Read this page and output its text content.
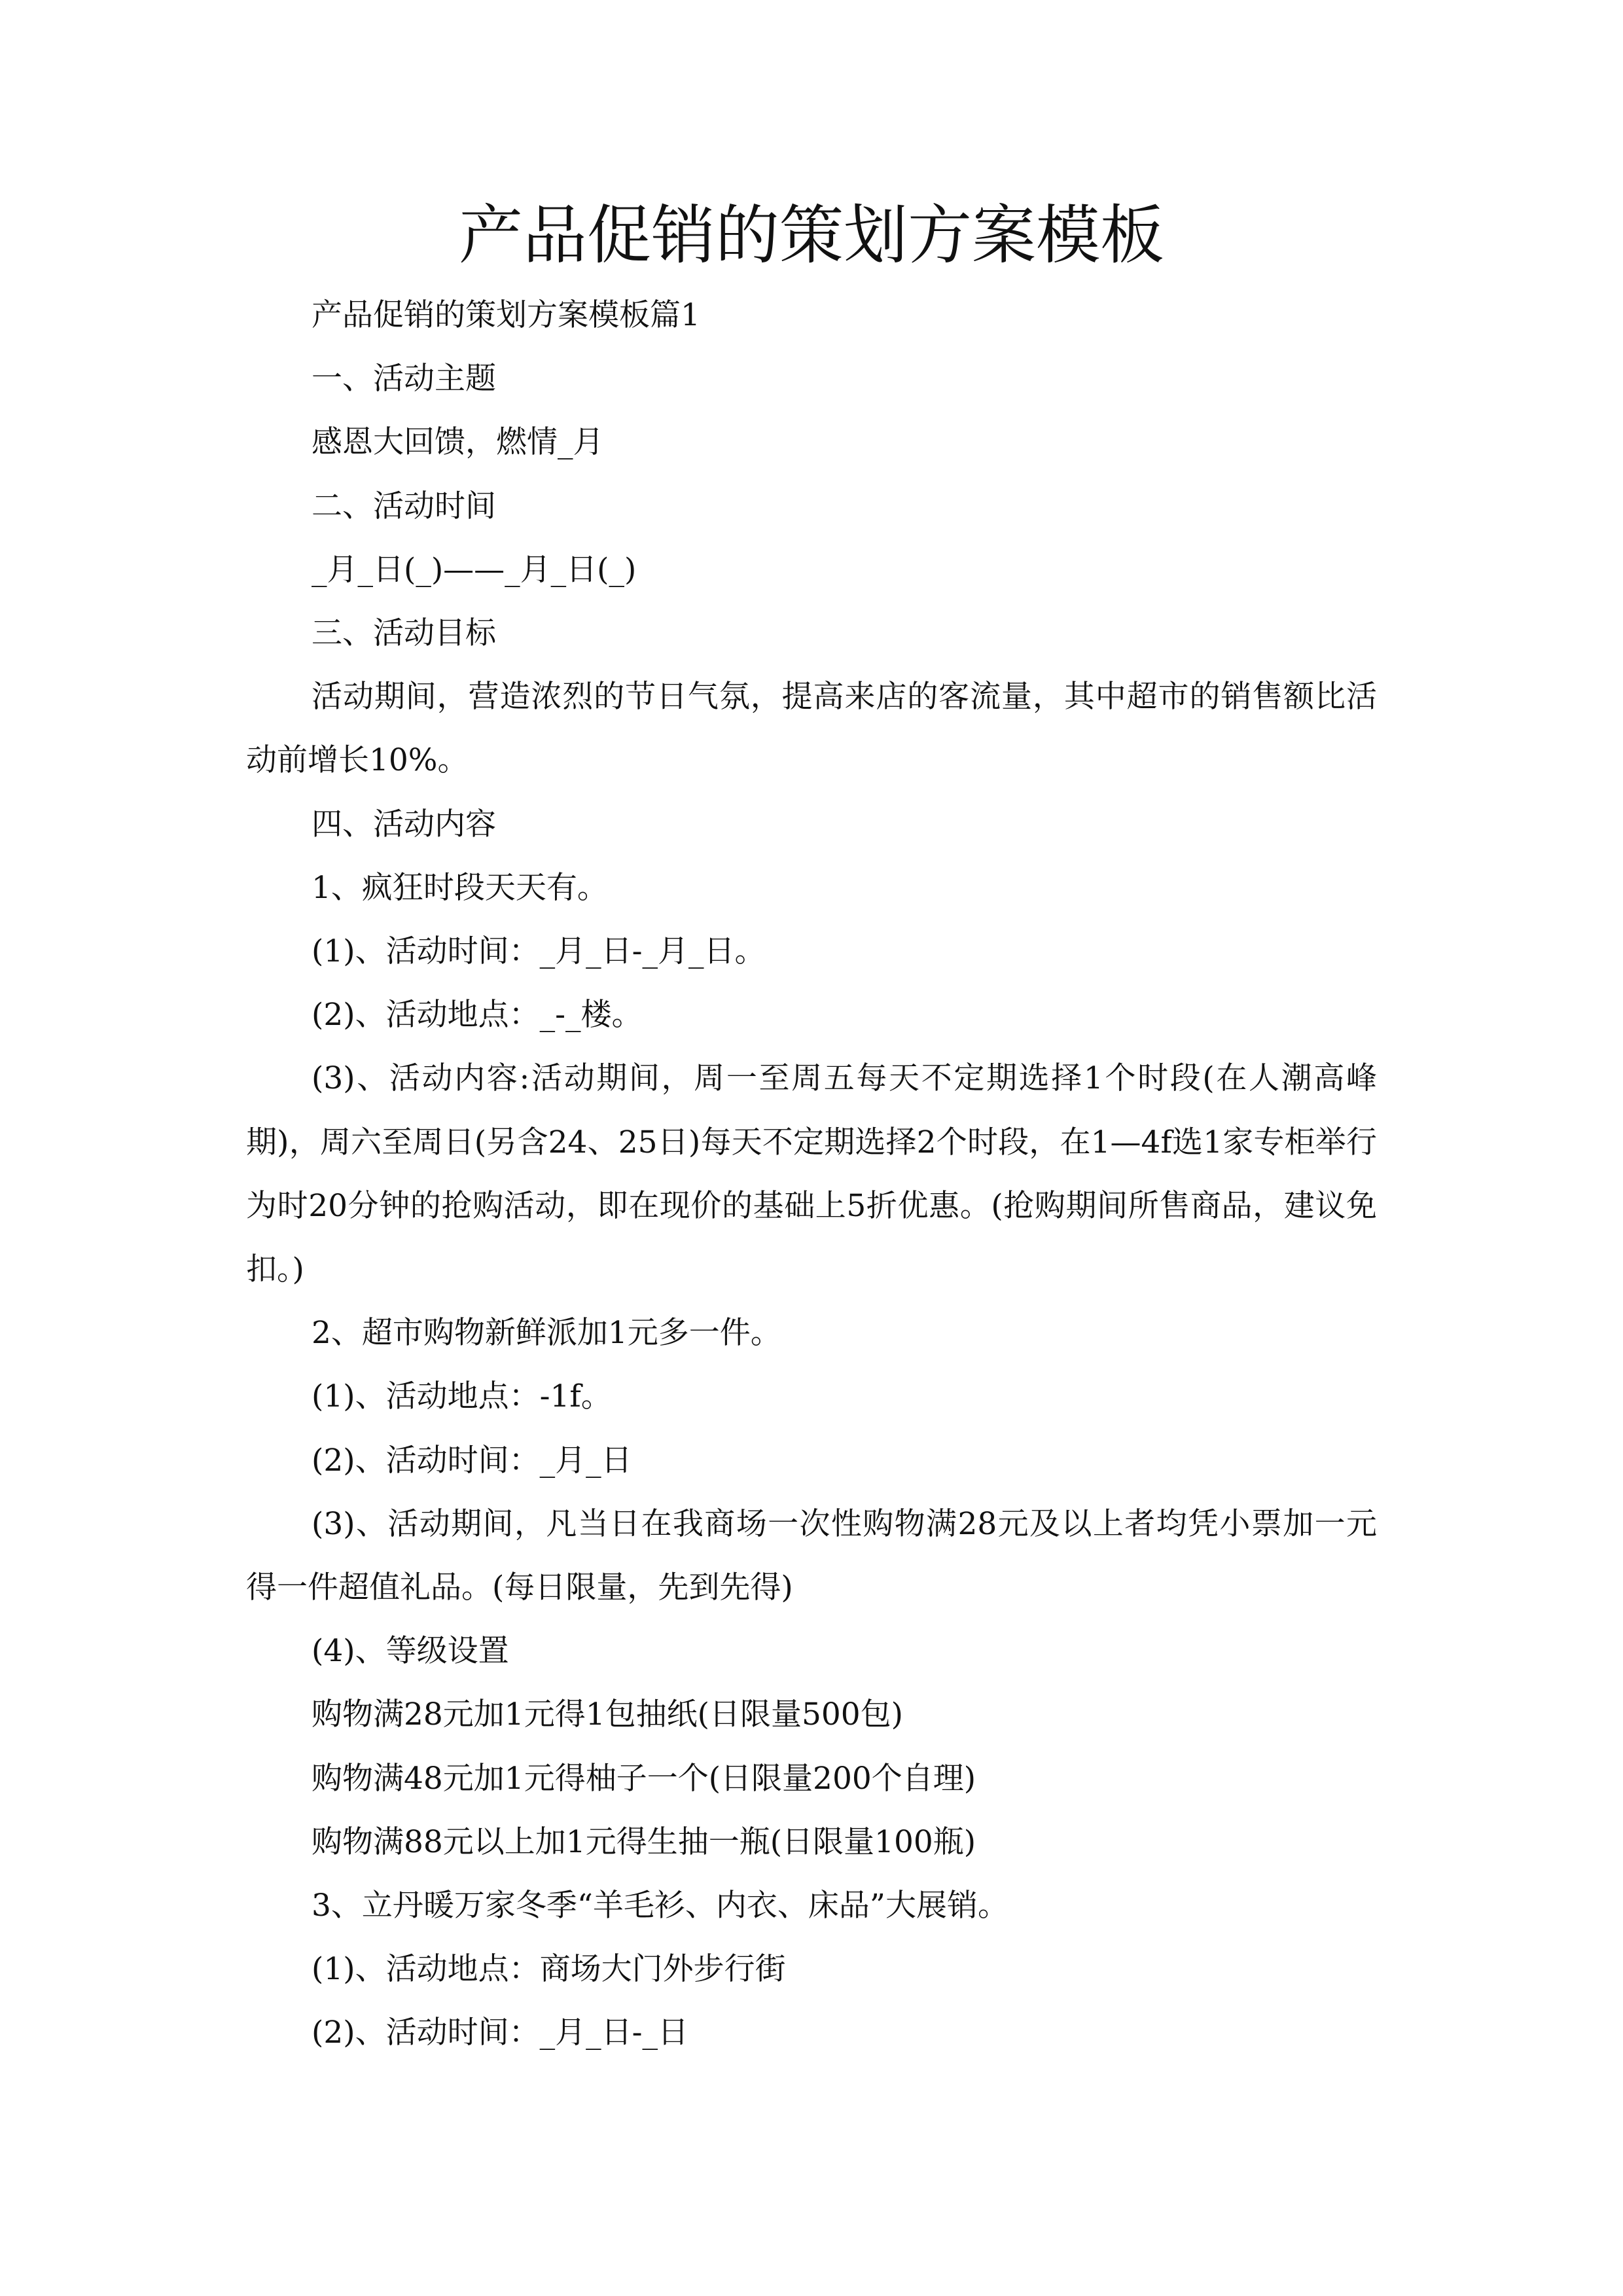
产品促销的策划方案模板

产品促销的策划方案模板篇1

一、活动主题

感恩大回馈，燃情_月

二、活动时间

_月_日(_)——_月_日(_)

三、活动目标

活动期间，营造浓烈的节日气氛，提高来店的客流量，其中超市的销售额比活动前增长10%。

四、活动内容

1、疯狂时段天天有。

(1)、活动时间：_月_日-_月_日。

(2)、活动地点：_-_楼。

(3)、活动内容:活动期间，周一至周五每天不定期选择1个时段(在人潮高峰期)，周六至周日(另含24、25日)每天不定期选择2个时段，在1—4f选1家专柜举行为时20分钟的抢购活动，即在现价的基础上5折优惠。(抢购期间所售商品，建议免扣。)

2、超市购物新鲜派加1元多一件。

(1)、活动地点：-1f。

(2)、活动时间：_月_日

(3)、活动期间，凡当日在我商场一次性购物满28元及以上者均凭小票加一元得一件超值礼品。(每日限量，先到先得)

(4)、等级设置

购物满28元加1元得1包抽纸(日限量500包)

购物满48元加1元得柚子一个(日限量200个自理)

购物满88元以上加1元得生抽一瓶(日限量100瓶)

3、立丹暖万家冬季“羊毛衫、内衣、床品”大展销。

(1)、活动地点：商场大门外步行街

(2)、活动时间：_月_日-_日
